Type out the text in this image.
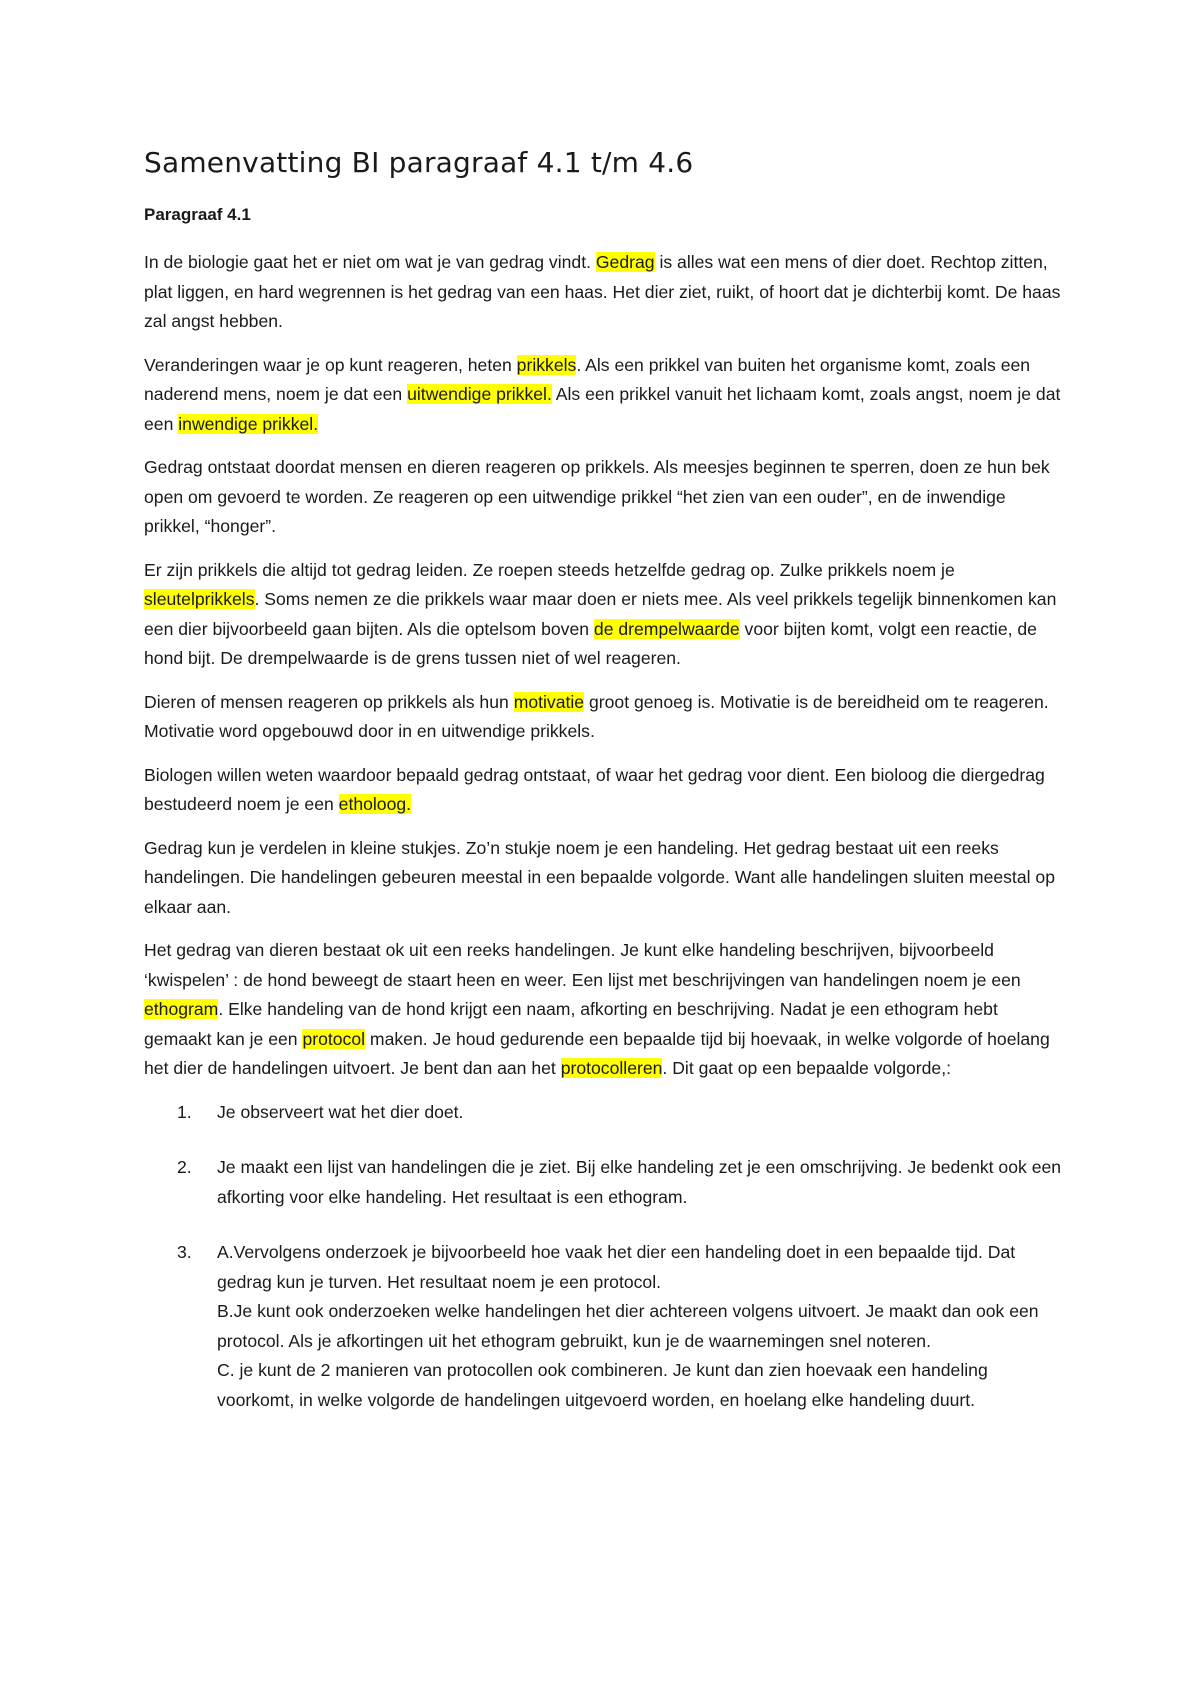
Samenvatting BI paragraaf 4.1 t/m 4.6
Paragraaf 4.1

In de biologie gaat het er niet om wat je van gedrag vindt. Gedrag is alles wat een mens of dier doet. Rechtop zitten, plat liggen, en hard wegrennen is het gedrag van een haas. Het dier ziet, ruikt, of hoort dat je dichterbij komt. De haas zal angst hebben.

Veranderingen waar je op kunt reageren, heten prikkels. Als een prikkel van buiten het organisme komt, zoals een naderend mens, noem je dat een uitwendige prikkel. Als een prikkel vanuit het lichaam komt, zoals angst, noem je dat een inwendige prikkel.

Gedrag ontstaat doordat mensen en dieren reageren op prikkels. Als meesjes beginnen te sperren, doen ze hun bek open om gevoerd te worden. Ze reageren op een uitwendige prikkel “het zien van een ouder”, en de inwendige prikkel, “honger”.

Er zijn prikkels die altijd tot gedrag leiden. Ze roepen steeds hetzelfde gedrag op. Zulke prikkels noem je sleutelprikkels. Soms nemen ze die prikkels waar maar doen er niets mee. Als veel prikkels tegelijk binnenkomen kan een dier bijvoorbeeld gaan bijten. Als die optelsom boven de drempelwaarde voor bijten komt, volgt een reactie, de hond bijt. De drempelwaarde is de grens tussen niet of wel reageren.

Dieren of mensen reageren op prikkels als hun motivatie groot genoeg is. Motivatie is de bereidheid om te reageren. Motivatie word opgebouwd door in en uitwendige prikkels.

Biologen willen weten waardoor bepaald gedrag ontstaat, of waar het gedrag voor dient. Een bioloog die diergedrag bestudeerd noem je een etholoog.

Gedrag kun je verdelen in kleine stukjes. Zo’n stukje noem je een handeling. Het gedrag bestaat uit een reeks handelingen. Die handelingen gebeuren meestal in een bepaalde volgorde. Want alle handelingen sluiten meestal op elkaar aan.

Het gedrag van dieren bestaat ok uit een reeks handelingen. Je kunt elke handeling beschrijven, bijvoorbeeld ‘kwispelen’ : de hond beweegt de staart heen en weer. Een lijst met beschrijvingen van handelingen noem je een ethogram. Elke handeling van de hond krijgt een naam, afkorting en beschrijving. Nadat je een ethogram hebt gemaakt kan je een protocol maken. Je houd gedurende een bepaalde tijd bij hoevaak, in welke volgorde of hoelang het dier de handelingen uitvoert. Je bent dan aan het protocolleren. Dit gaat op een bepaalde volgorde,:

1. Je observeert wat het dier doet.
2. Je maakt een lijst van handelingen die je ziet. Bij elke handeling zet je een omschrijving. Je bedenkt ook een afkorting voor elke handeling. Het resultaat is een ethogram.
3. A.Vervolgens onderzoek je bijvoorbeeld hoe vaak het dier een handeling doet in een bepaalde tijd. Dat gedrag kun je turven. Het resultaat noem je een protocol.
B.Je kunt ook onderzoeken welke handelingen het dier achtereen volgens uitvoert. Je maakt dan ook een protocol. Als je afkortingen uit het ethogram gebruikt, kun je de waarnemingen snel noteren.
C. je kunt de 2 manieren van protocollen ook combineren. Je kunt dan zien hoevaak een handeling voorkomt, in welke volgorde de handelingen uitgevoerd worden, en hoelang elke handeling duurt.
